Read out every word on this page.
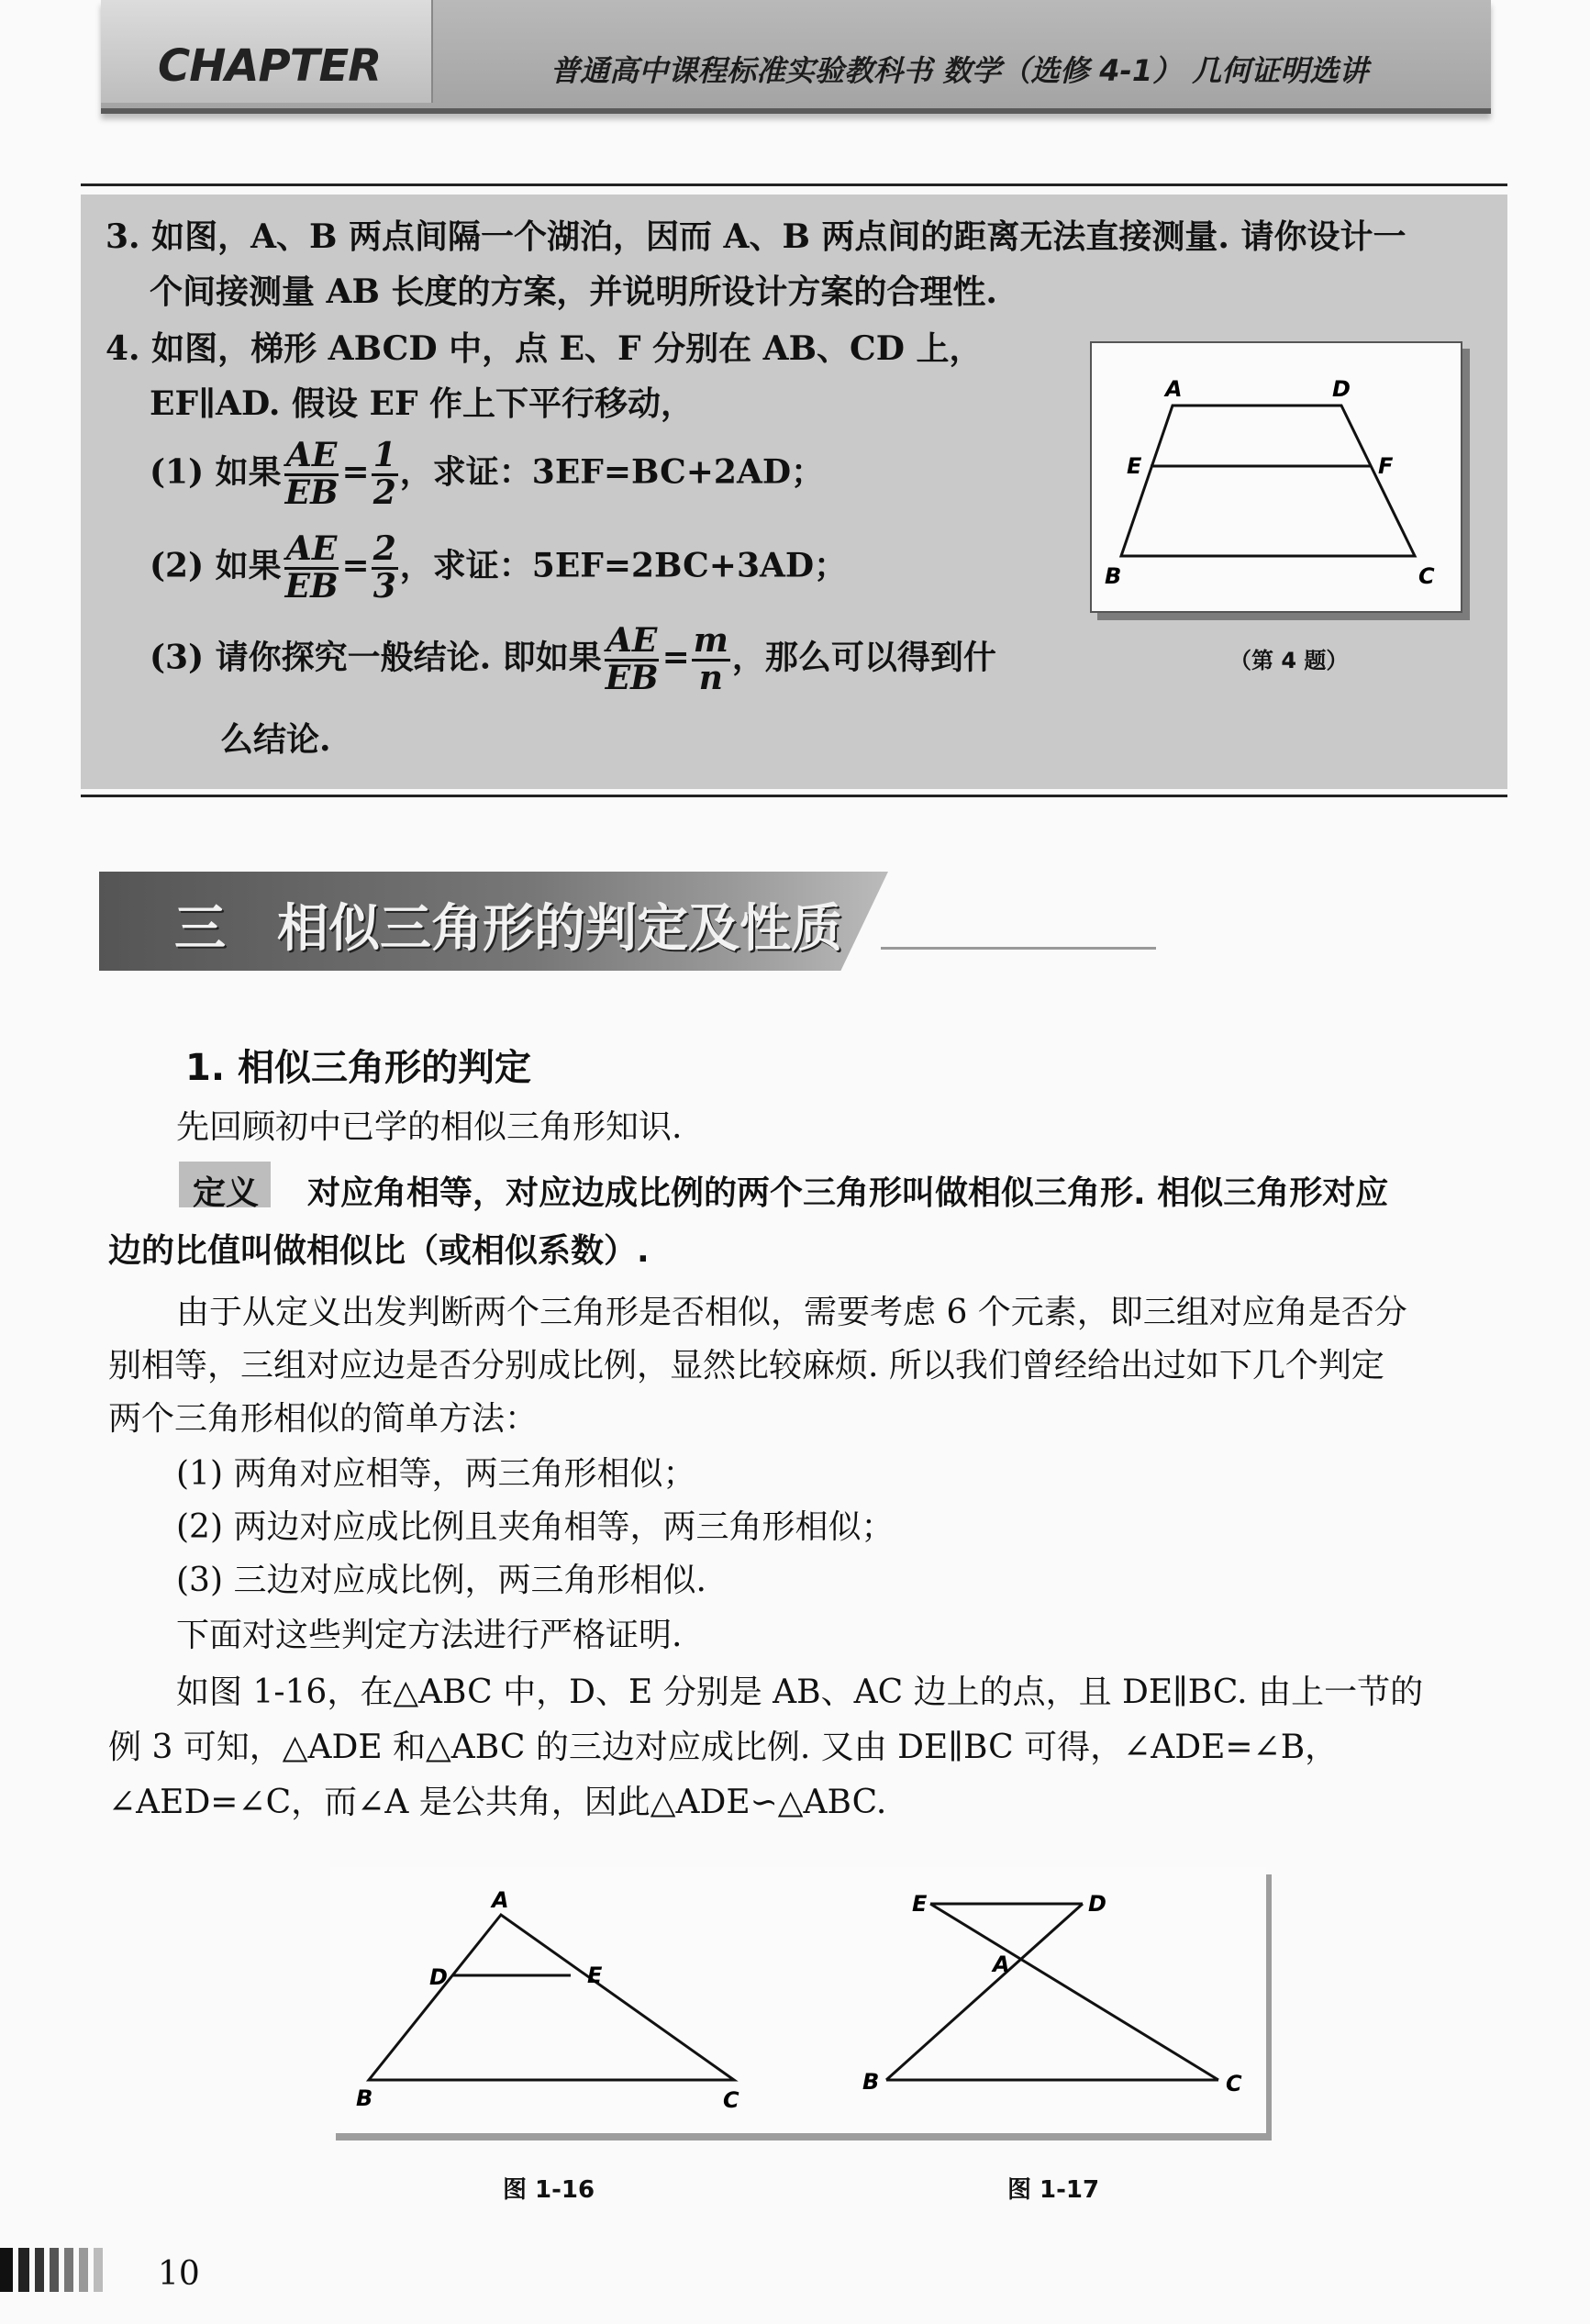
CHAPTER	普通高中课程标准实验教科书 数学（选修 4-1） 几何证明选讲
3. 如图，A、B 两点间隔一个湖泊，因而 A、B 两点间的距离无法直接测量. 请你设计一
个间接测量 AB 长度的方案，并说明所设计方案的合理性.
4. 如图，梯形 ABCD 中，点 E、F 分别在 AB、CD 上，
EF∥AD. 假设 EF 作上下平行移动，
(1) 如果 $\frac{AE}{EB} = \frac{1}{2}$ ，求证：3EF=BC+2AD；
(2) 如果 $\frac{AE}{EB} = \frac{2}{3}$ ，求证：5EF=2BC+3AD；
(3) 请你探究一般结论. 即如果 $\frac{AE}{EB} = \frac{m}{n}$ ，那么可以得到什
么结论.
A	D
E	F
B	C
（第 4 题）
三　相似三角形的判定及性质
1. 相似三角形的判定
先回顾初中已学的相似三角形知识.
定义 对应角相等，对应边成比例的两个三角形叫做相似三角形. 相似三角形对应
边的比值叫做相似比（或相似系数）.
由于从定义出发判断两个三角形是否相似，需要考虑 6 个元素，即三组对应角是否分
别相等，三组对应边是否分别成比例，显然比较麻烦. 所以我们曾经给出过如下几个判定
两个三角形相似的简单方法：
(1) 两角对应相等，两三角形相似；
(2) 两边对应成比例且夹角相等，两三角形相似；
(3) 三边对应成比例，两三角形相似.
下面对这些判定方法进行严格证明.
如图 1-16，在△ABC 中，D、E 分别是 AB、AC 边上的点，且 DE∥BC. 由上一节的
例 3 可知，△ADE 和△ABC 的三边对应成比例. 又由 DE∥BC 可得，∠ADE=∠B，
∠AED=∠C，而∠A 是公共角，因此△ADE∽△ABC.
A
D	E
B	C
E	D
A
B	C
图 1-16	图 1-17
10
